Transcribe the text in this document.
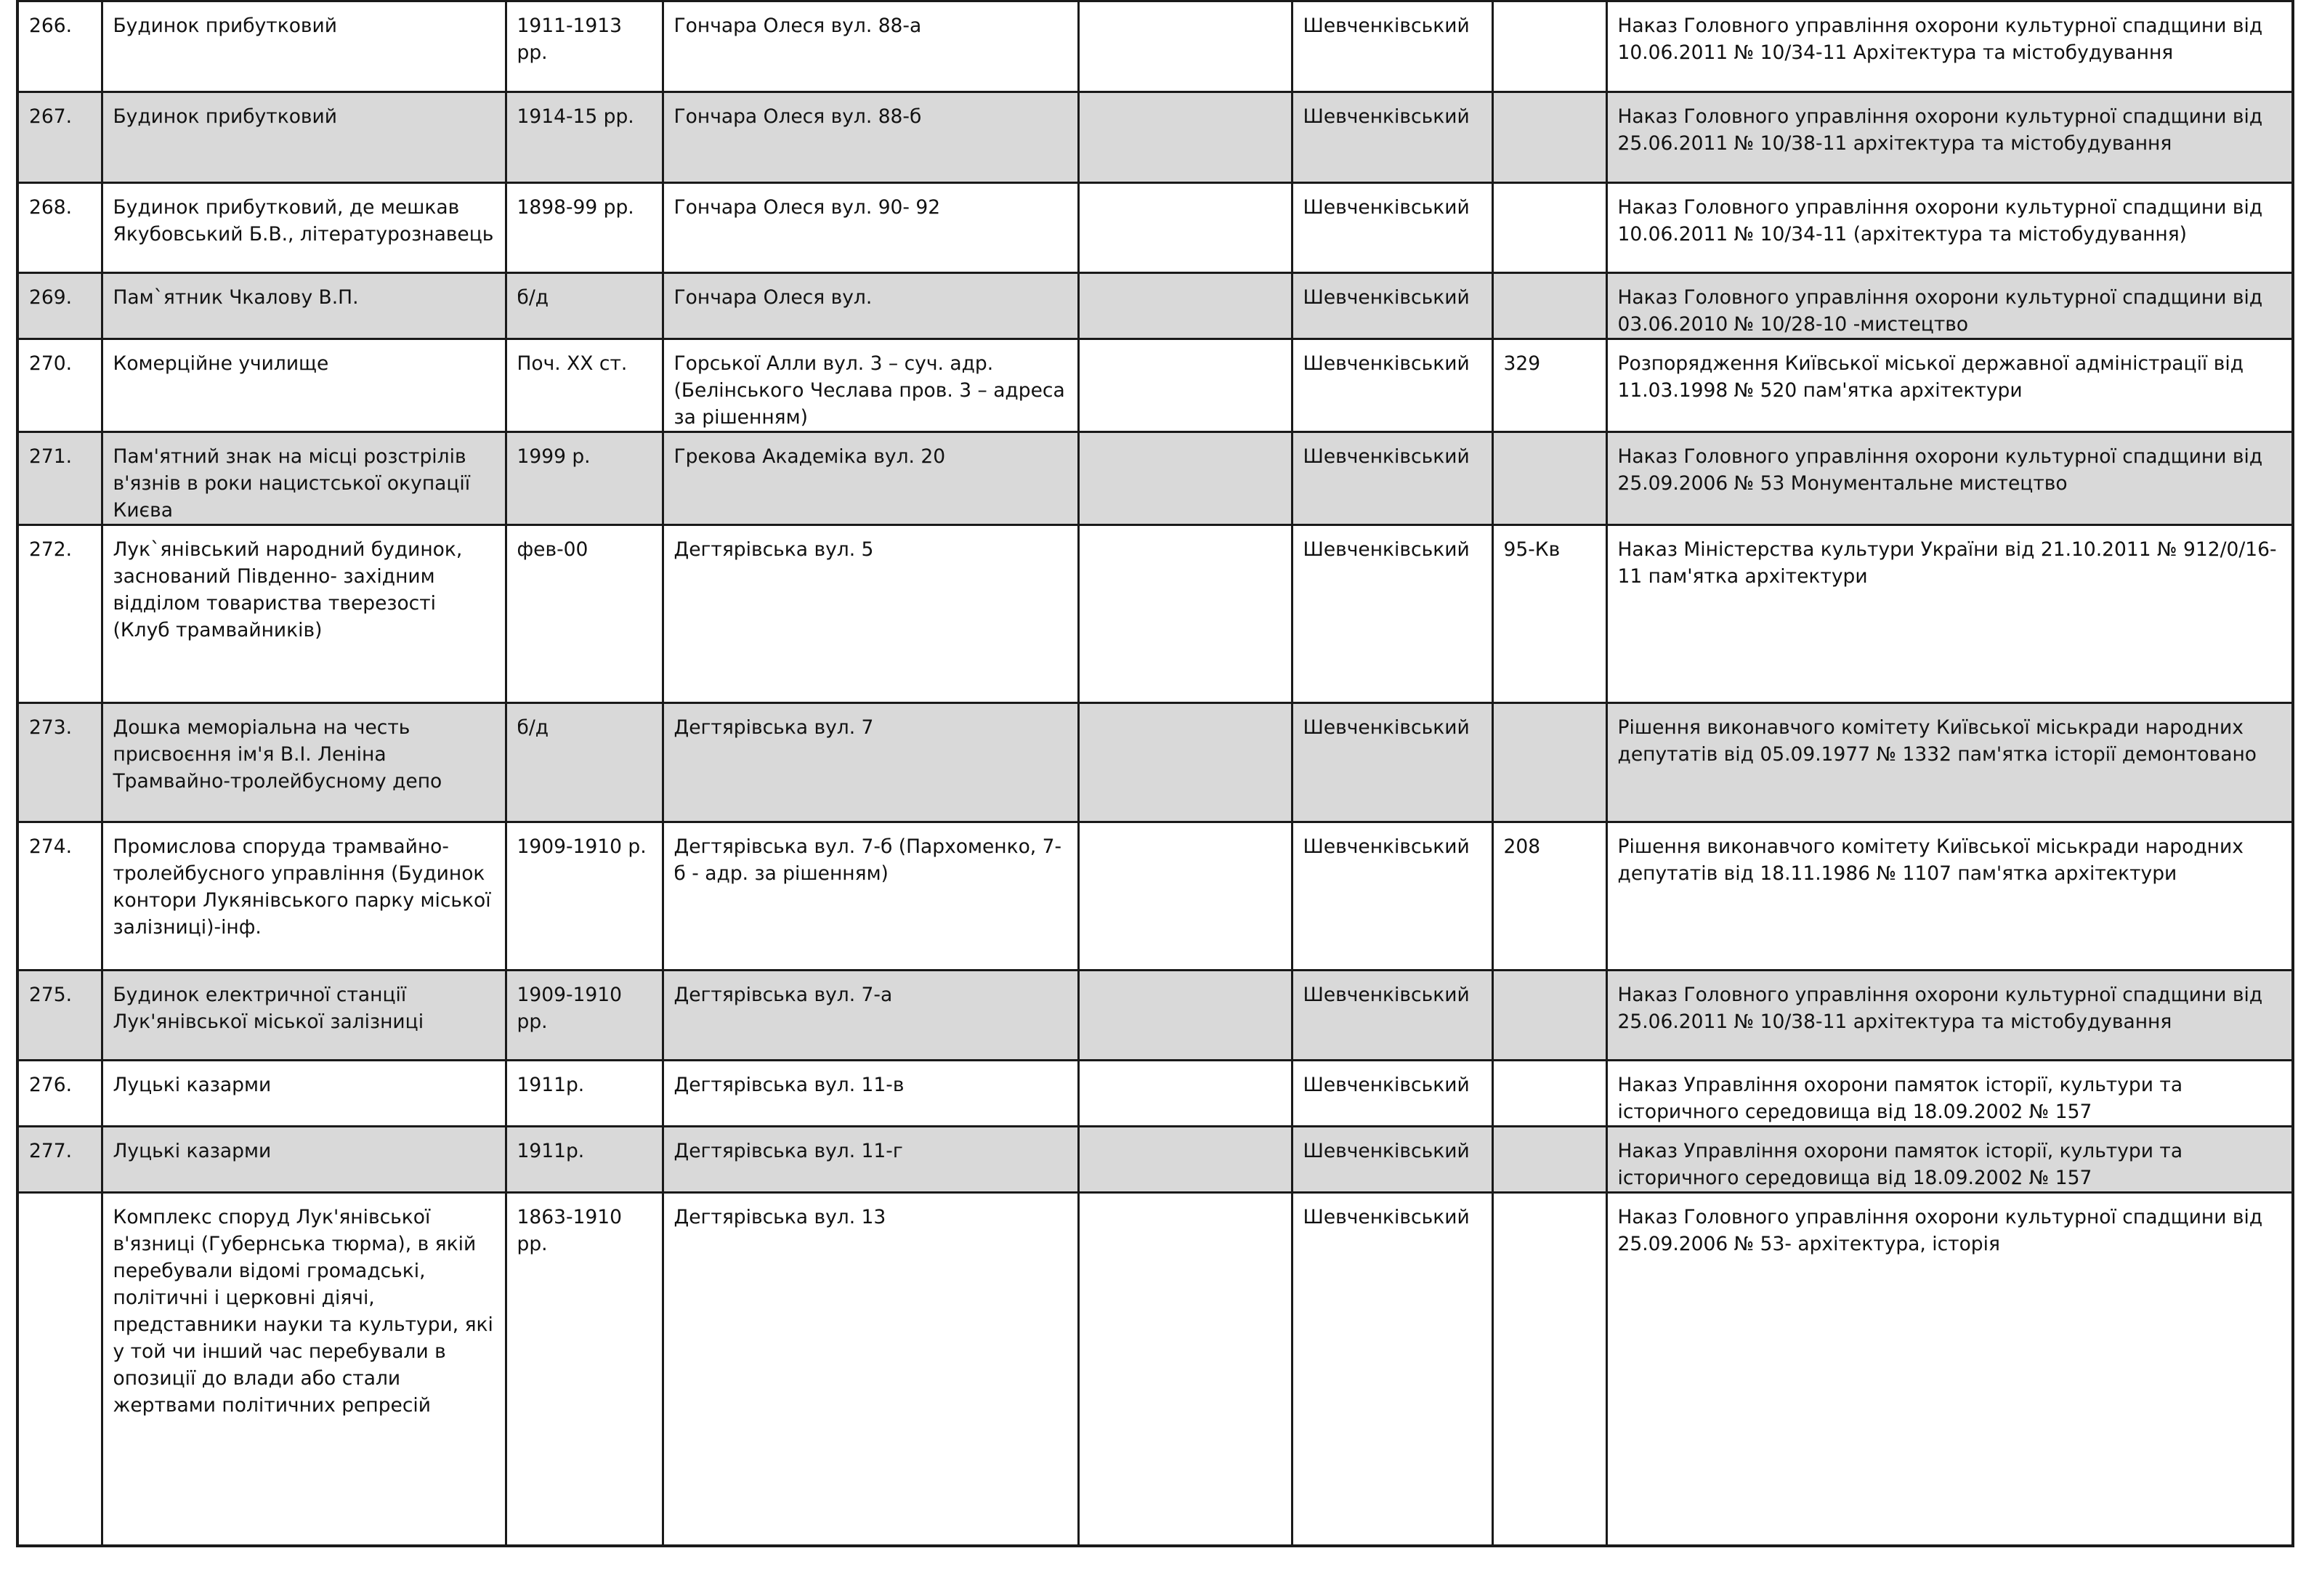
266.	Будинок прибутковий	1911-1913 рр.	Гончара Олеся вул. 88-а		Шевченківський		Наказ Головного управління охорони культурної спадщини від 10.06.2011 № 10/34-11 Архітектура та містобудування
267.	Будинок прибутковий	1914-15 рр.	Гончара Олеся вул. 88-б		Шевченківський		Наказ Головного управління охорони культурної спадщини від 25.06.2011 № 10/38-11 архітектура та містобудування
268.	Будинок прибутковий, де мешкав Якубовський Б.В., літературознавець	1898-99 рр.	Гончара Олеся вул. 90- 92		Шевченківський		Наказ Головного управління охорони культурної спадщини від 10.06.2011 № 10/34-11 (архітектура та містобудування)
269.	Пам`ятник Чкалову В.П.	б/д	Гончара Олеся вул.		Шевченківський		Наказ Головного управління охорони культурної спадщини від 03.06.2010 № 10/28-10 -мистецтво
270.	Комерційне училище	Поч. ХХ ст.	Горської Алли вул. 3 – суч. адр. (Белінського Чеслава пров. 3 – адреса за рішенням)		Шевченківський	329	Розпорядження Київської міської державної адміністрації від 11.03.1998 № 520 пам'ятка архітектури
271.	Пам'ятний знак на місці розстрілів в'язнів в роки нацистської окупації Києва	1999 р.	Грекова Академіка вул. 20		Шевченківський		Наказ Головного управління охорони культурної спадщини від 25.09.2006 № 53 Монументальне мистецтво
272.	Лук`янівський народний будинок, заснований Південно- західним відділом товариства тверезості (Клуб трамвайників)	фев-00	Дегтярівська вул. 5		Шевченківський	95-Кв	Наказ Міністерства культури України від 21.10.2011 № 912/0/16-11 пам'ятка архітектури
273.	Дошка меморіальна на честь присвоєння ім'я В.І. Леніна Трамвайно-тролейбусному депо	б/д	Дегтярівська вул. 7		Шевченківський		Рішення виконавчого комітету Київської міськради народних депутатів від 05.09.1977 № 1332 пам'ятка історії демонтовано
274.	Промислова споруда трамвайно-тролейбусного управління (Будинок контори Лукянівського парку міської залізниці)-інф.	1909-1910 р.	Дегтярівська вул. 7-б (Пархоменко, 7-б - адр. за рішенням)		Шевченківський	208	Рішення виконавчого комітету Київської міськради народних депутатів від 18.11.1986 № 1107 пам'ятка архітектури
275.	Будинок електричної станції Лук'янівської міської залізниці	1909-1910 рр.	Дегтярівська вул. 7-а		Шевченківський		Наказ Головного управління охорони культурної спадщини від 25.06.2011 № 10/38-11 архітектура та містобудування
276.	Луцькі казарми	1911р.	Дегтярівська вул. 11-в		Шевченківський		Наказ Управління охорони памяток історії, культури та історичного середовища від 18.09.2002 № 157
277.	Луцькі казарми	1911р.	Дегтярівська вул. 11-г		Шевченківський		Наказ Управління охорони памяток історії, культури та історичного середовища від 18.09.2002 № 157
	Комплекс споруд Лук'янівської в'язниці (Губернська тюрма), в якій перебували відомі громадські, політичні і церковні діячі, представники науки та культури, які у той чи інший час перебували в опозиції до влади або стали жертвами політичних репресій	1863-1910 рр.	Дегтярівська вул. 13		Шевченківський		Наказ Головного управління охорони культурної спадщини від 25.09.2006 № 53- архітектура, історія
